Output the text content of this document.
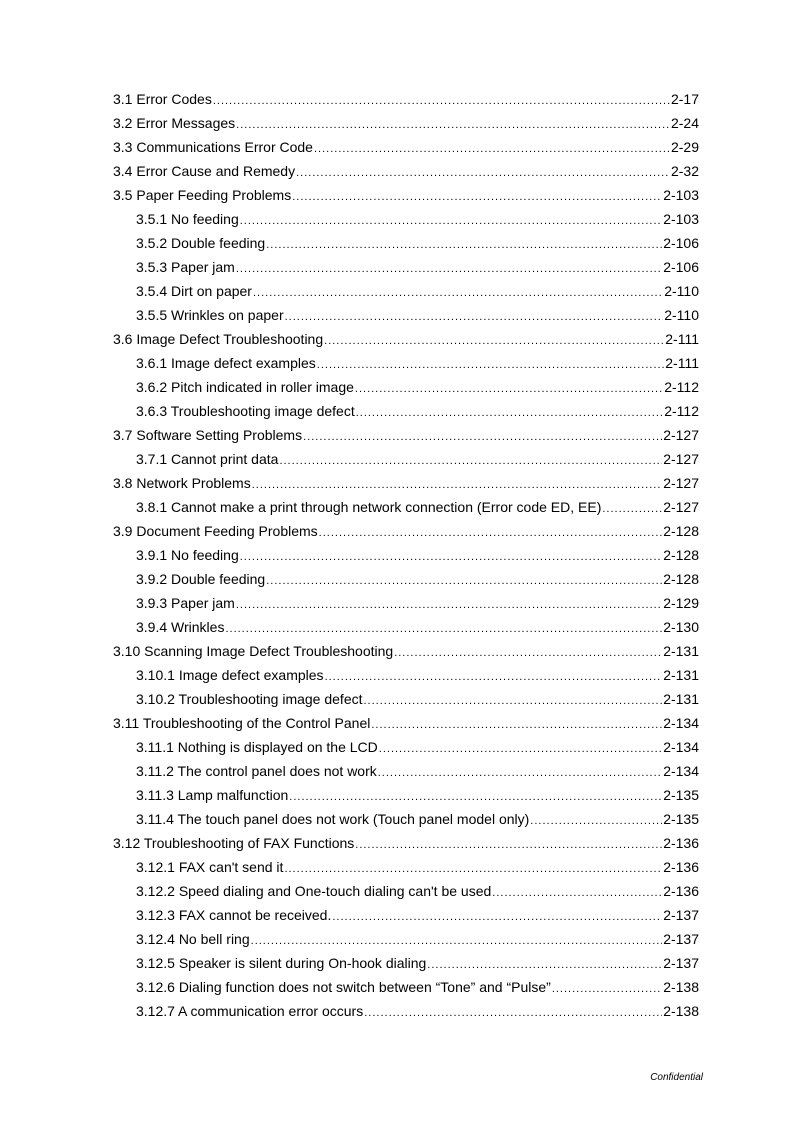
3.1 Error Codes .....	2-17
3.2 Error Messages .....	2-24
3.3 Communications Error Code .....	2-29
3.4 Error Cause and Remedy .....	2-32
3.5 Paper Feeding Problems .....	2-103
3.5.1 No feeding .....	2-103
3.5.2 Double feeding .....	2-106
3.5.3 Paper jam .....	2-106
3.5.4 Dirt on paper .....	2-110
3.5.5 Wrinkles on paper .....	2-110
3.6 Image Defect Troubleshooting .....	2-111
3.6.1 Image defect examples .....	2-111
3.6.2 Pitch indicated in roller image .....	2-112
3.6.3 Troubleshooting image defect .....	2-112
3.7 Software Setting Problems .....	2-127
3.7.1 Cannot print data .....	2-127
3.8 Network Problems .....	2-127
3.8.1 Cannot make a print through network connection (Error code ED, EE) .....	2-127
3.9 Document Feeding Problems .....	2-128
3.9.1 No feeding .....	2-128
3.9.2 Double feeding .....	2-128
3.9.3 Paper jam .....	2-129
3.9.4 Wrinkles .....	2-130
3.10 Scanning Image Defect Troubleshooting .....	2-131
3.10.1 Image defect examples .....	2-131
3.10.2 Troubleshooting image defect .....	2-131
3.11 Troubleshooting of the Control Panel .....	2-134
3.11.1 Nothing is displayed on the LCD .....	2-134
3.11.2 The control panel does not work .....	2-134
3.11.3 Lamp malfunction .....	2-135
3.11.4 The touch panel does not work (Touch panel model only) .....	2-135
3.12 Troubleshooting of FAX Functions .....	2-136
3.12.1 FAX can't send it .....	2-136
3.12.2 Speed dialing and One-touch dialing can't be used .....	2-136
3.12.3 FAX cannot be received. .....	2-137
3.12.4 No bell ring .....	2-137
3.12.5 Speaker is silent during On-hook dialing .....	2-137
3.12.6 Dialing function does not switch between “Tone” and “Pulse” .....	2-138
3.12.7 A communication error occurs .....	2-138
Confidential
